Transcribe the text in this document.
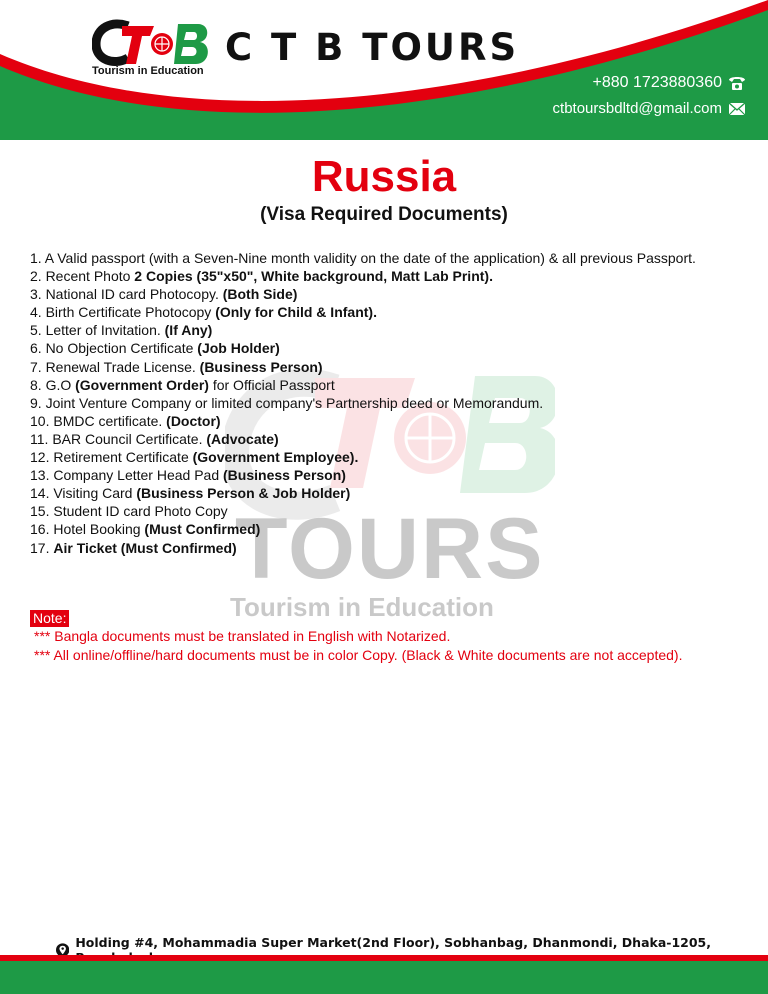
Tourism in Education
C T B TOURS
+880 1723880360
ctbtoursbdltd@gmail.com
TOURS
Tourism in Education
Russia
(Visa Required Documents)
1. A Valid passport (with a Seven-Nine month validity on the date of the application) & all previous Passport.
2. Recent Photo 2 Copies (35"x50", White background, Matt Lab Print).
3. National ID card Photocopy. (Both Side)
4. Birth Certificate Photocopy (Only for Child & Infant).
5. Letter of Invitation. (If Any)
6. No Objection Certificate (Job Holder)
7. Renewal Trade License. (Business Person)
8. G.O (Government Order) for Official Passport
9. Joint Venture Company or limited company's Partnership deed or Memorandum.
10. BMDC certificate. (Doctor)
11. BAR Council Certificate. (Advocate)
12. Retirement Certificate (Government Employee).
13. Company Letter Head Pad (Business Person)
14. Visiting Card (Business Person & Job Holder)
15. Student ID card Photo Copy
16. Hotel Booking (Must Confirmed)
17. Air Ticket (Must Confirmed)
Note:
*** Bangla documents must be translated in English with Notarized.
*** All online/offline/hard documents must be in color Copy. (Black & White documents are not accepted).
Holding #4, Mohammadia Super Market(2nd Floor), Sobhanbag, Dhanmondi, Dhaka-1205,
